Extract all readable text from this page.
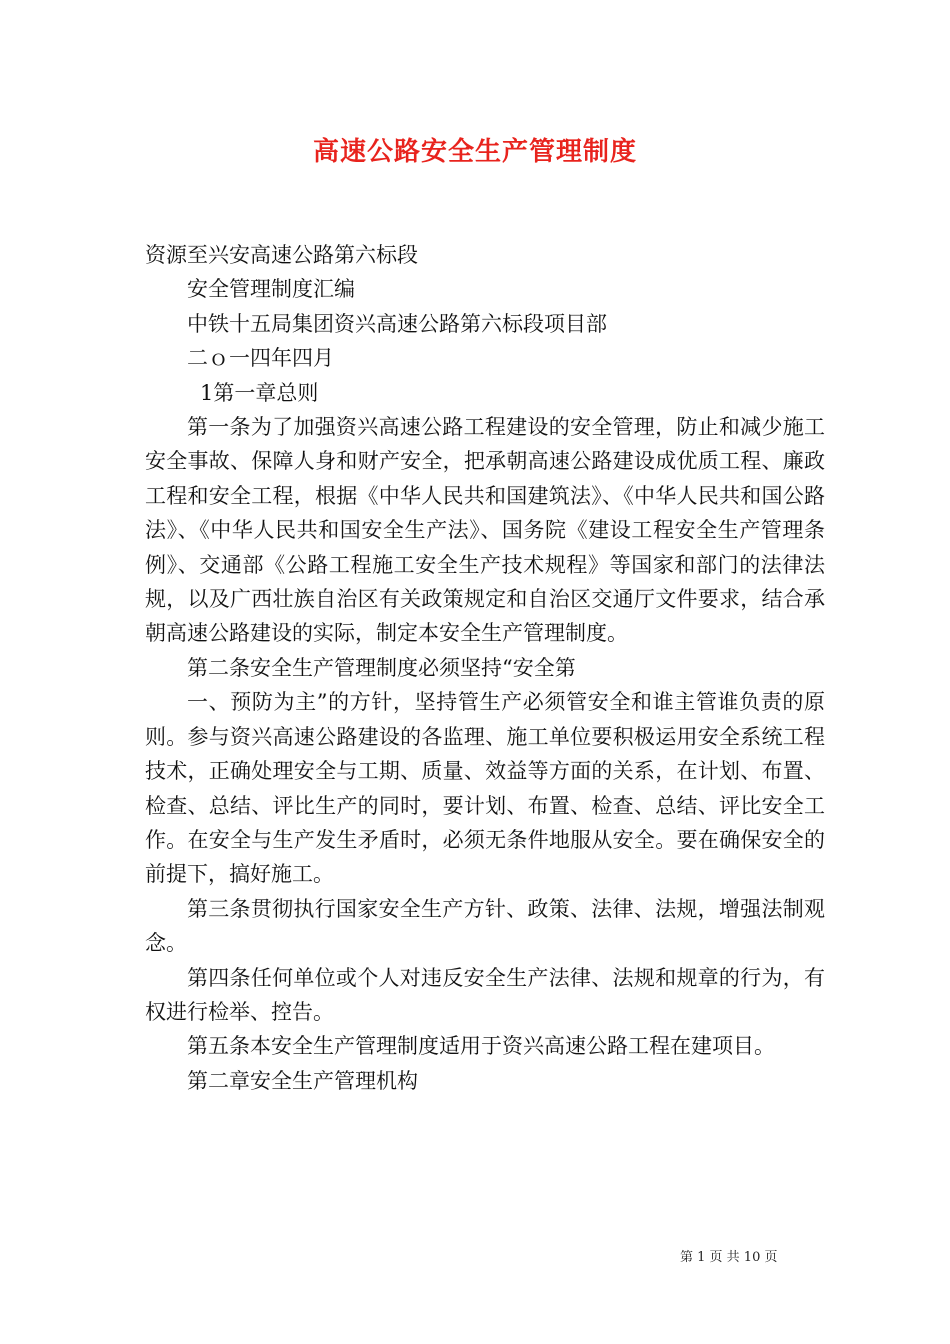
高速公路安全生产管理制度
资源至兴安高速公路第六标段
安全管理制度汇编
中铁十五局集团资兴高速公路第六标段项目部
二ｏ一四年四月
1第一章总则
第一条为了加强资兴高速公路工程建设的安全管理，防止和减少施工安全事故、保障人身和财产安全，把承朝高速公路建设成优质工程、廉政工程和安全工程，根据《中华人民共和国建筑法》、《中华人民共和国公路法》、《中华人民共和国安全生产法》、国务院《建设工程安全生产管理条例》、交通部《公路工程施工安全生产技术规程》等国家和部门的法律法规，以及广西壮族自治区有关政策规定和自治区交通厅文件要求，结合承朝高速公路建设的实际，制定本安全生产管理制度。
第二条安全生产管理制度必须坚持“安全第
一、预防为主”的方针，坚持管生产必须管安全和谁主管谁负责的原则。参与资兴高速公路建设的各监理、施工单位要积极运用安全系统工程技术，正确处理安全与工期、质量、效益等方面的关系，在计划、布置、检查、总结、评比生产的同时，要计划、布置、检查、总结、评比安全工作。在安全与生产发生矛盾时，必须无条件地服从安全。要在确保安全的前提下，搞好施工。
第三条贯彻执行国家安全生产方针、政策、法律、法规，增强法制观念。
第四条任何单位或个人对违反安全生产法律、法规和规章的行为，有权进行检举、控告。
第五条本安全生产管理制度适用于资兴高速公路工程在建项目。
第二章安全生产管理机构
第 1 页 共 10 页
